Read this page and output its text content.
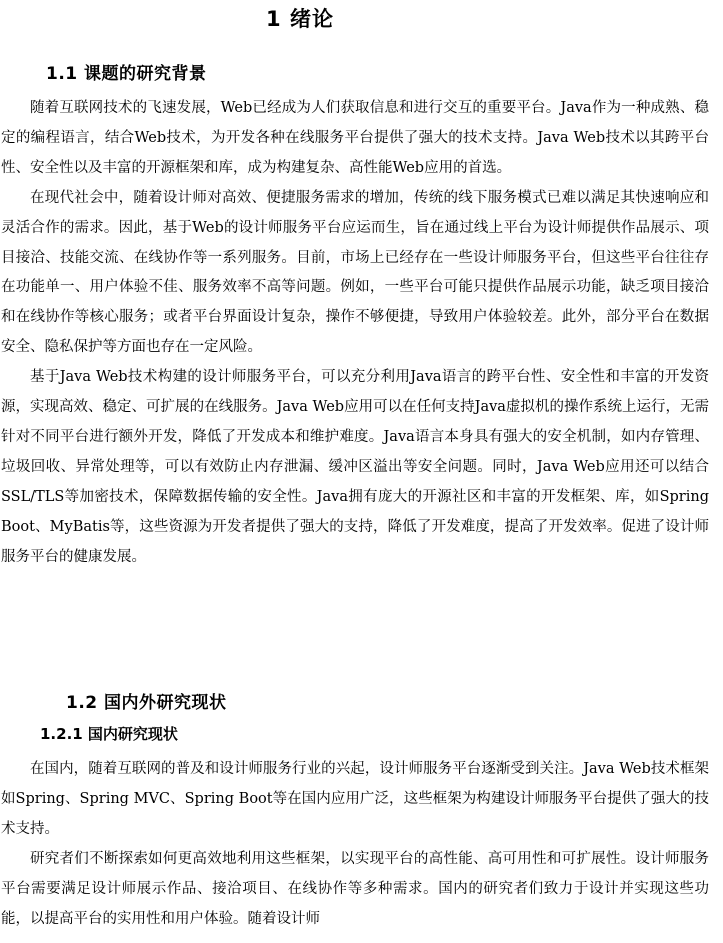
1 绪论
1.1 课题的研究背景

随着互联网技术的飞速发展，Web已经成为人们获取信息和进行交互的重要平台。Java作为一种成熟、稳定的编程语言，结合Web技术，为开发各种在线服务平台提供了强大的技术支持。Java Web技术以其跨平台性、安全性以及丰富的开源框架和库，成为构建复杂、高性能Web应用的首选。

在现代社会中，随着设计师对高效、便捷服务需求的增加，传统的线下服务模式已难以满足其快速响应和灵活合作的需求。因此，基于Web的设计师服务平台应运而生，旨在通过线上平台为设计师提供作品展示、项目接洽、技能交流、在线协作等一系列服务。目前，市场上已经存在一些设计师服务平台，但这些平台往往存在功能单一、用户体验不佳、服务效率不高等问题。例如，一些平台可能只提供作品展示功能，缺乏项目接洽和在线协作等核心服务；或者平台界面设计复杂，操作不够便捷，导致用户体验较差。此外，部分平台在数据安全、隐私保护等方面也存在一定风险。

基于Java Web技术构建的设计师服务平台，可以充分利用Java语言的跨平台性、安全性和丰富的开发资源，实现高效、稳定、可扩展的在线服务。Java Web应用可以在任何支持Java虚拟机的操作系统上运行，无需针对不同平台进行额外开发，降低了开发成本和维护难度。Java语言本身具有强大的安全机制，如内存管理、垃圾回收、异常处理等，可以有效防止内存泄漏、缓冲区溢出等安全问题。同时，Java Web应用还可以结合SSL/TLS等加密技术，保障数据传输的安全性。Java拥有庞大的开源社区和丰富的开发框架、库，如Spring Boot、MyBatis等，这些资源为开发者提供了强大的支持，降低了开发难度，提高了开发效率。促进了设计师服务平台的健康发展。

1.2 国内外研究现状
1.2.1 国内研究现状

在国内，随着互联网的普及和设计师服务行业的兴起，设计师服务平台逐渐受到关注。Java Web技术框架如Spring、Spring MVC、Spring Boot等在国内应用广泛，这些框架为构建设计师服务平台提供了强大的技术支持。

研究者们不断探索如何更高效地利用这些框架，以实现平台的高性能、高可用性和可扩展性。设计师服务平台需要满足设计师展示作品、接洽项目、在线协作等多种需求。国内的研究者们致力于设计并实现这些功能，以提高平台的实用性和用户体验。随着设计师
